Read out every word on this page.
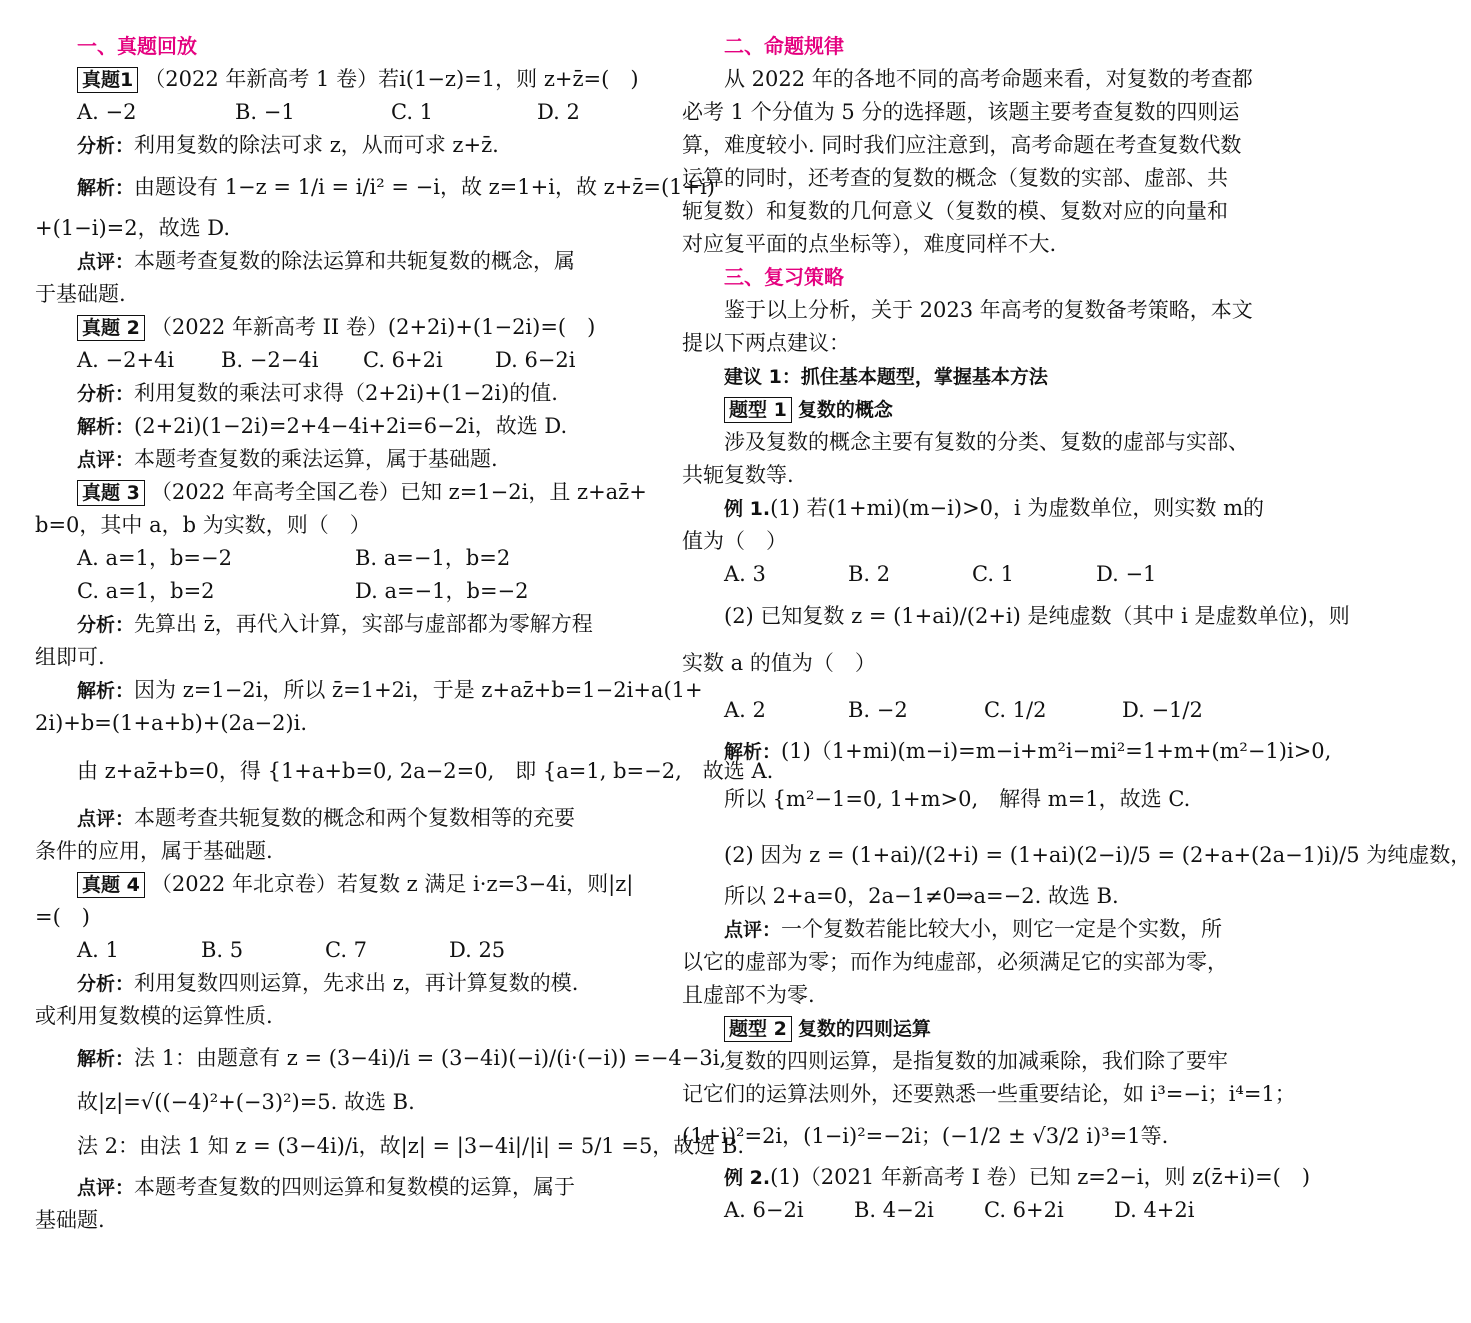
一、真题回放
真题1 （2022 年新高考 1 卷）若i(1−z)=1，则 z+z̄=(　)
A. −2	B. −1	C. 1	D. 2
分析：利用复数的除法可求 z，从而可求 z+z̄.
解析：由题设有 1−z = 1/i = i/i² = −i，故 z=1+i，故 z+z̄=(1+i)
+(1−i)=2，故选 D.
点评：本题考查复数的除法运算和共轭复数的概念，属
于基础题.
真题 2 （2022 年新高考 II 卷）(2+2i)+(1−2i)=(　)
A. −2+4i B. −2−4i C. 6+2i D. 6−2i
分析：利用复数的乘法可求得（2+2i)+(1−2i)的值.
解析：(2+2i)(1−2i)=2+4−4i+2i=6−2i，故选 D.
点评：本题考查复数的乘法运算，属于基础题.
真题 3 （2022 年高考全国乙卷）已知 z=1−2i，且 z+az̄+
b=0，其中 a，b 为实数，则（　）
A. a=1，b=−2	B. a=−1，b=2
C. a=1，b=2	D. a=−1，b=−2
分析：先算出 z̄，再代入计算，实部与虚部都为零解方程
组即可.
解析：因为 z=1−2i，所以 z̄=1+2i，于是 z+az̄+b=1−2i+a(1+
2i)+b=(1+a+b)+(2a−2)i.
由 z+az̄+b=0，得 {1+a+b=0, 2a−2=0,　即 {a=1, b=−2,　故选 A.
点评：本题考查共轭复数的概念和两个复数相等的充要
条件的应用，属于基础题.
真题 4 （2022 年北京卷）若复数 z 满足 i·z=3−4i，则|z|
=(　)
A. 1	B. 5	C. 7	D. 25
分析：利用复数四则运算，先求出 z，再计算复数的模.
或利用复数模的运算性质.
解析：法 1：由题意有 z = (3−4i)/i = (3−4i)(−i)/(i·(−i)) =−4−3i,
故|z|=√((−4)²+(−3)²)=5. 故选 B.
法 2：由法 1 知 z = (3−4i)/i，故|z| = |3−4i|/|i| = 5/1 =5，故选 B.
点评：本题考查复数的四则运算和复数模的运算，属于
基础题.
二、命题规律
从 2022 年的各地不同的高考命题来看，对复数的考查都
必考 1 个分值为 5 分的选择题，该题主要考查复数的四则运
算，难度较小. 同时我们应注意到，高考命题在考查复数代数
运算的同时，还考查的复数的概念（复数的实部、虚部、共
轭复数）和复数的几何意义（复数的模、复数对应的向量和
对应复平面的点坐标等），难度同样不大.
三、复习策略
鉴于以上分析，关于 2023 年高考的复数备考策略，本文
提以下两点建议：
建议 1：抓住基本题型，掌握基本方法
题型 1 复数的概念
涉及复数的概念主要有复数的分类、复数的虚部与实部、
共轭复数等.
例 1.(1) 若(1+mi)(m−i)>0，i 为虚数单位，则实数 m的
值为（　）
A. 3	B. 2	C. 1	D. −1
(2) 已知复数 z = (1+ai)/(2+i) 是纯虚数（其中 i 是虚数单位)，则
实数 a 的值为（　）
A. 2	B. −2	C. 1/2	D. −1/2
解析：(1)（1+mi)(m−i)=m−i+m²i−mi²=1+m+(m²−1)i>0,
所以 {m²−1=0, 1+m>0,　解得 m=1，故选 C.
(2) 因为 z = (1+ai)/(2+i) = (1+ai)(2−i)/5 = (2+a+(2a−1)i)/5 为纯虚数，
所以 2+a=0，2a−1≠0⇒a=−2. 故选 B.
点评：一个复数若能比较大小，则它一定是个实数，所
以它的虚部为零；而作为纯虚部，必须满足它的实部为零，
且虚部不为零.
题型 2 复数的四则运算
复数的四则运算，是指复数的加减乘除，我们除了要牢
记它们的运算法则外，还要熟悉一些重要结论，如 i³=−i；i⁴=1；
(1+i)²=2i，(1−i)²=−2i；(−1/2 ± √3/2 i)³=1等.
例 2.(1)（2021 年新高考 I 卷）已知 z=2−i，则 z(z̄+i)=(　)
A. 6−2i B. 4−2i C. 6+2i D. 4+2i
